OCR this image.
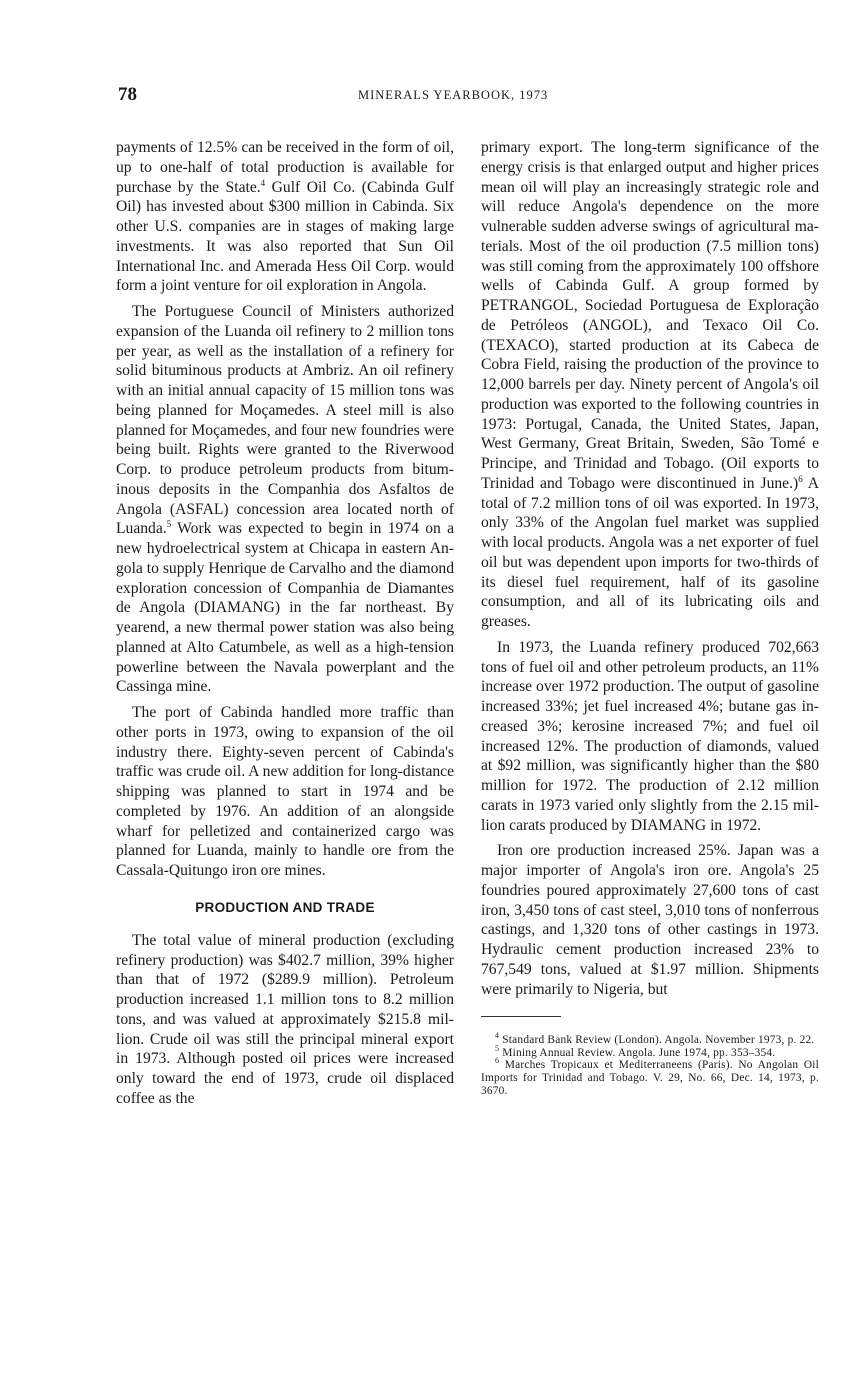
78	MINERALS YEARBOOK, 1973

payments of 12.5% can be received in the form of oil, up to one-half of total production is available for purchase by the State.$^4$ Gulf Oil Co. (Cabinda Gulf Oil) has invested about $300 million in Cabinda. Six other U.S. companies are in stages of making large investments. It was also reported that Sun Oil International Inc. and Amerada Hess Oil Corp. would form a joint venture for oil exploration in Angola.

The Portuguese Council of Ministers authorized expansion of the Luanda oil refinery to 2 million tons per year, as well as the installation of a refinery for solid bituminous products at Ambriz. An oil refinery with an initial annual capacity of 15 million tons was being planned for Moçamedes. A steel mill is also planned for Moçamedes, and four new foundries were being built. Rights were granted to the Riverwood Corp. to produce petroleum products from bituminous deposits in the Companhia dos Asfaltos de Angola (ASFAL) concession area located north of Luanda.$^5$ Work was expected to begin in 1974 on a new hydroelectrical system at Chicapa in eastern Angola to supply Henrique de Carvalho and the diamond exploration concession of Companhia de Diamantes de Angola (DIAMANG) in the far northeast. By yearend, a new thermal power station was also being planned at Alto Catumbele, as well as a high-tension powerline between the Navala powerplant and the Cassinga mine.

The port of Cabinda handled more traffic than other ports in 1973, owing to expansion of the oil industry there. Eighty-seven percent of Cabinda's traffic was crude oil. A new addition for long-distance shipping was planned to start in 1974 and be completed by 1976. An addition of an alongside wharf for pelletized and containerized cargo was planned for Luanda, mainly to handle ore from the Cassala-Quitungo iron ore mines.

PRODUCTION AND TRADE

The total value of mineral production (excluding refinery production) was $402.7 million, 39% higher than that of 1972 ($289.9 million). Petroleum production increased 1.1 million tons to 8.2 million tons, and was valued at approximately $215.8 million. Crude oil was still the principal mineral export in 1973. Although posted oil prices were increased only toward the end of 1973, crude oil displaced coffee as the

primary export. The long-term significance of the energy crisis is that enlarged output and higher prices mean oil will play an increasingly strategic role and will reduce Angola's dependence on the more vulnerable sudden adverse swings of agricultural materials. Most of the oil production (7.5 million tons) was still coming from the approximately 100 offshore wells of Cabinda Gulf. A group formed by PETRANGOL, Sociedad Portuguesa de Exploração de Petróleos (ANGOL), and Texaco Oil Co. (TEXACO), started production at its Cabeca de Cobra Field, raising the production of the province to 12,000 barrels per day. Ninety percent of Angola's oil production was exported to the following countries in 1973: Portugal, Canada, the United States, Japan, West Germany, Great Britain, Sweden, São Tomé e Principe, and Trinidad and Tobago. (Oil exports to Trinidad and Tobago were discontinued in June.)$^6$ A total of 7.2 million tons of oil was exported. In 1973, only 33% of the Angolan fuel market was supplied with local products. Angola was a net exporter of fuel oil but was dependent upon imports for two-thirds of its diesel fuel requirement, half of its gasoline consumption, and all of its lubricating oils and greases.

In 1973, the Luanda refinery produced 702,663 tons of fuel oil and other petroleum products, an 11% increase over 1972 production. The output of gasoline increased 33%; jet fuel increased 4%; butane gas increased 3%; kerosine increased 7%; and fuel oil increased 12%. The production of diamonds, valued at $92 million, was significantly higher than the $80 million for 1972. The production of 2.12 million carats in 1973 varied only slightly from the 2.15 million carats produced by DIAMANG in 1972.

Iron ore production increased 25%. Japan was a major importer of Angola's iron ore. Angola's 25 foundries poured approximately 27,600 tons of cast iron, 3,450 tons of cast steel, 3,010 tons of nonferrous castings, and 1,320 tons of other castings in 1973. Hydraulic cement production increased 23% to 767,549 tons, valued at $1.97 million. Shipments were primarily to Nigeria, but

$^4$ Standard Bank Review (London). Angola. November 1973, p. 22.

$^5$ Mining Annual Review. Angola. June 1974, pp. 353–354.

$^6$ Marches Tropicaux et Mediterraneens (Paris). No Angolan Oil Imports for Trinidad and Tobago. V. 29, No. 66, Dec. 14, 1973, p. 3670.
